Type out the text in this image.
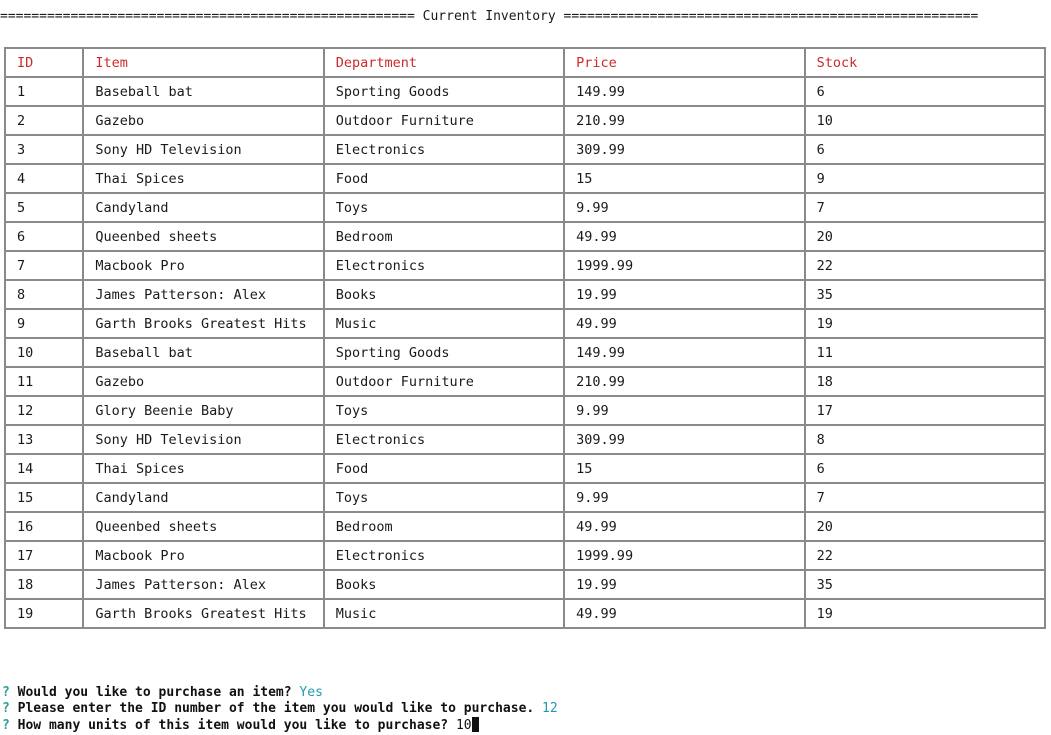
===================================================== Current Inventory =====================================================
ID	Item	Department	Price	Stock
1	Baseball bat	Sporting Goods	149.99	6
2	Gazebo	Outdoor Furniture	210.99	10
3	Sony HD Television	Electronics	309.99	6
4	Thai Spices	Food	15	9
5	Candyland	Toys	9.99	7
6	Queenbed sheets	Bedroom	49.99	20
7	Macbook Pro	Electronics	1999.99	22
8	James Patterson: Alex	Books	19.99	35
9	Garth Brooks Greatest Hits	Music	49.99	19
10	Baseball bat	Sporting Goods	149.99	11
11	Gazebo	Outdoor Furniture	210.99	18
12	Glory Beenie Baby	Toys	9.99	17
13	Sony HD Television	Electronics	309.99	8
14	Thai Spices	Food	15	6
15	Candyland	Toys	9.99	7
16	Queenbed sheets	Bedroom	49.99	20
17	Macbook Pro	Electronics	1999.99	22
18	James Patterson: Alex	Books	19.99	35
19	Garth Brooks Greatest Hits	Music	49.99	19
? Would you like to purchase an item? Yes
? Please enter the ID number of the item you would like to purchase. 12
? How many units of this item would you like to purchase? 10
